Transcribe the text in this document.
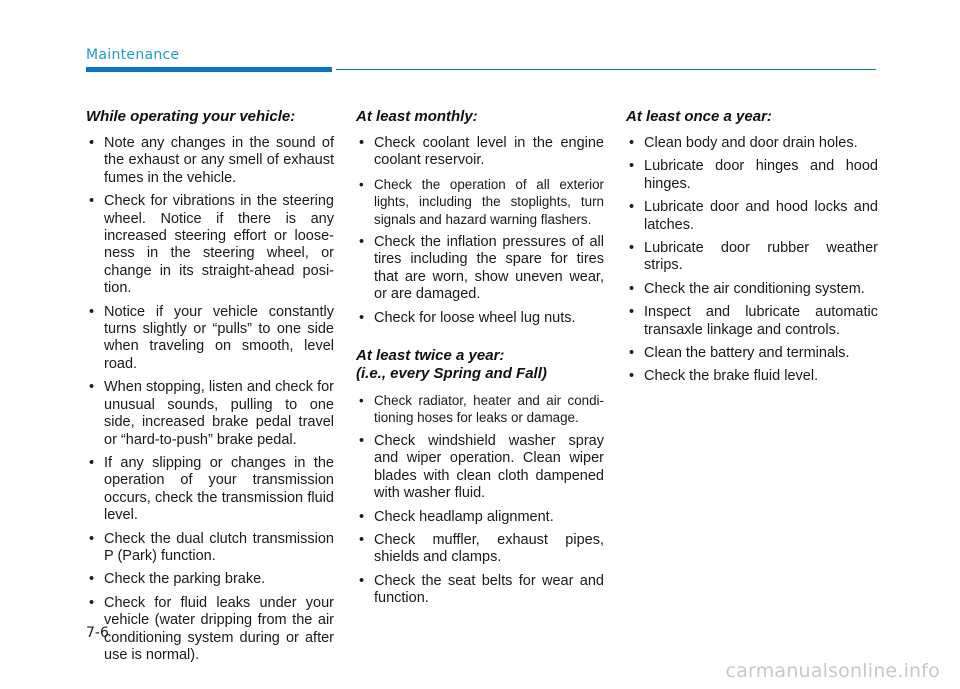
Maintenance
While operating your vehicle:
• Note any changes in the sound of the exhaust or any smell of exhaust fumes in the vehicle.
• Check for vibrations in the steering wheel. Notice if there is any increased steering effort or loose-ness in the steering wheel, or change in its straight-ahead posi-tion.
• Notice if your vehicle constantly turns slightly or “pulls” to one side when traveling on smooth, level road.
• When stopping, listen and check for unusual sounds, pulling to one side, increased brake pedal travel or “hard-to-push” brake pedal.
• If any slipping or changes in the operation of your transmission occurs, check the transmission fluid level.
• Check the dual clutch transmission P (Park) function.
• Check the parking brake.
• Check for fluid leaks under your vehicle (water dripping from the air conditioning system during or after use is normal).
At least monthly:
• Check coolant level in the engine coolant reservoir.
• Check the operation of all exterior lights, including the stoplights, turn signals and hazard warning flashers.
• Check the inflation pressures of all tires including the spare for tires that are worn, show uneven wear, or are damaged.
• Check for loose wheel lug nuts.
At least twice a year:
(i.e., every Spring and Fall)
• Check radiator, heater and air condi-tioning hoses for leaks or damage.
• Check windshield washer spray and wiper operation. Clean wiper blades with clean cloth dampened with washer fluid.
• Check headlamp alignment.
• Check muffler, exhaust pipes, shields and clamps.
• Check the seat belts for wear and function.
At least once a year:
• Clean body and door drain holes.
• Lubricate door hinges and hood hinges.
• Lubricate door and hood locks and latches.
• Lubricate door rubber weather strips.
• Check the air conditioning system.
• Inspect and lubricate automatic transaxle linkage and controls.
• Clean the battery and terminals.
• Check the brake fluid level.
7-6
carmanualsonline.info
